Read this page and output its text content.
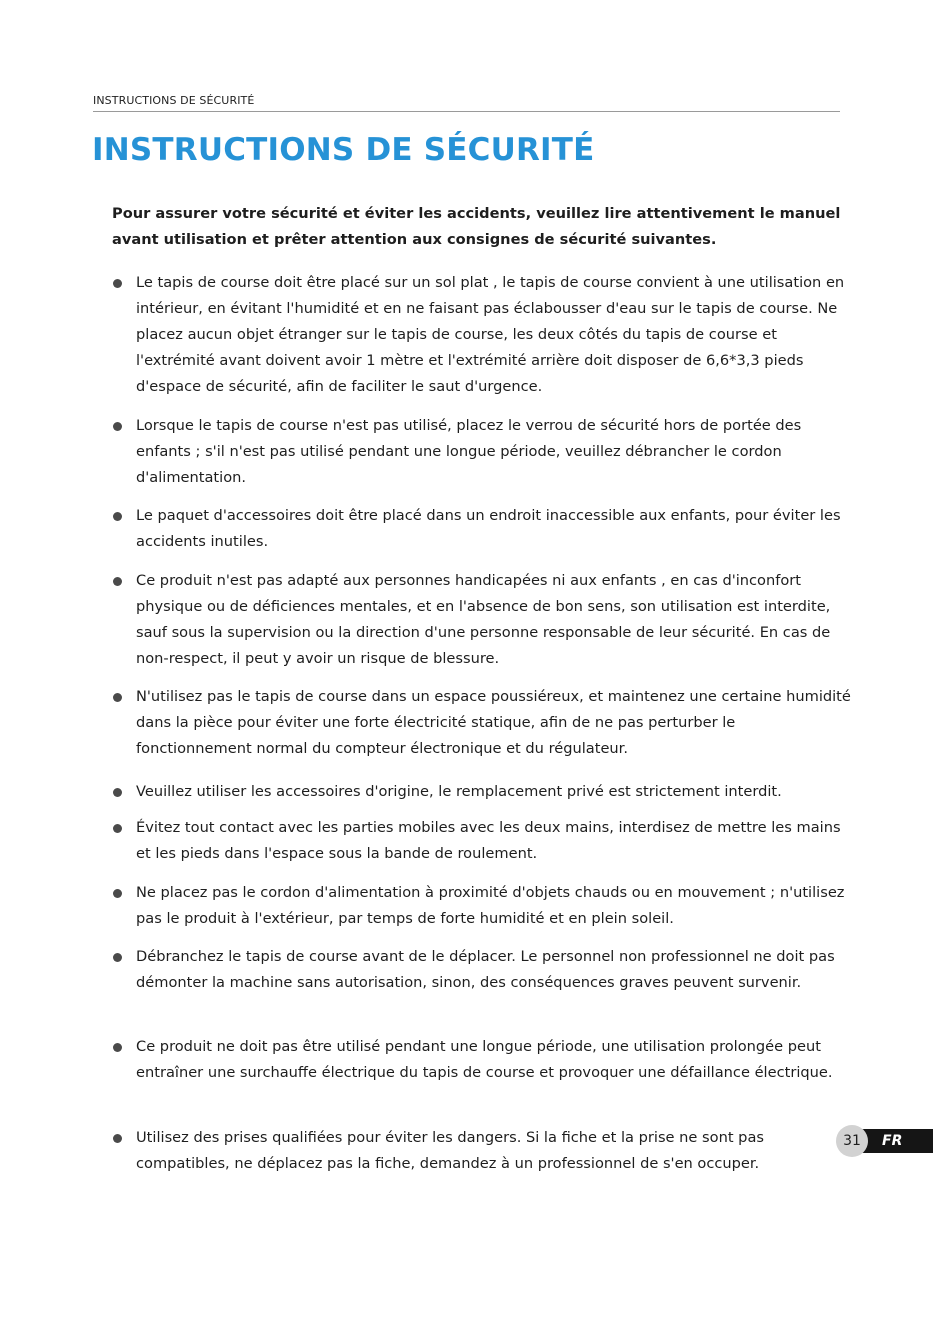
INSTRUCTIONS DE SÉCURITÉ
INSTRUCTIONS DE SÉCURITÉ

Pour assurer votre sécurité et éviter les accidents, veuillez lire attentivement le manuel avant utilisation et prêter attention aux consignes de sécurité suivantes.

Le tapis de course doit être placé sur un sol plat , le tapis de course convient à une utilisation en intérieur, en évitant l'humidité et en ne faisant pas éclabousser d'eau sur le tapis de course. Ne placez aucun objet étranger sur le tapis de course, les deux côtés du tapis de course et l'extrémité avant doivent avoir 1 mètre et l'extrémité arrière doit disposer de 6,6*3,3 pieds d'espace de sécurité, afin de faciliter le saut d'urgence.
Lorsque le tapis de course n'est pas utilisé, placez le verrou de sécurité hors de portée des enfants ; s'il n'est pas utilisé pendant une longue période, veuillez débrancher le cordon d'alimentation.
Le paquet d'accessoires doit être placé dans un endroit inaccessible aux enfants, pour éviter les accidents inutiles.
Ce produit n'est pas adapté aux personnes handicapées ni aux enfants , en cas d'inconfort physique ou de déficiences mentales, et en l'absence de bon sens, son utilisation est interdite, sauf sous la supervision ou la direction d'une personne responsable de leur sécurité. En cas de non-respect, il peut y avoir un risque de blessure.
N'utilisez pas le tapis de course dans un espace poussiéreux, et maintenez une certaine humidité dans la pièce pour éviter une forte électricité statique, afin de ne pas perturber le fonctionnement normal du compteur électronique et du régulateur.
Veuillez utiliser les accessoires d'origine, le remplacement privé est strictement interdit.
Évitez tout contact avec les parties mobiles avec les deux mains, interdisez de mettre les mains et les pieds dans l'espace sous la bande de roulement.
Ne placez pas le cordon d'alimentation à proximité d'objets chauds ou en mouvement ; n'utilisez pas le produit à l'extérieur, par temps de forte humidité et en plein soleil.
Débranchez le tapis de course avant de le déplacer. Le personnel non professionnel ne doit pas démonter la machine sans autorisation, sinon, des conséquences graves peuvent survenir.
Ce produit ne doit pas être utilisé pendant une longue période, une utilisation prolongée peut entraîner une surchauffe électrique du tapis de course et provoquer une défaillance électrique.
Utilisez des prises qualifiées pour éviter les dangers. Si la fiche et la prise ne sont pas compatibles, ne déplacez pas la fiche, demandez à un professionnel de s'en occuper.
31	FR
